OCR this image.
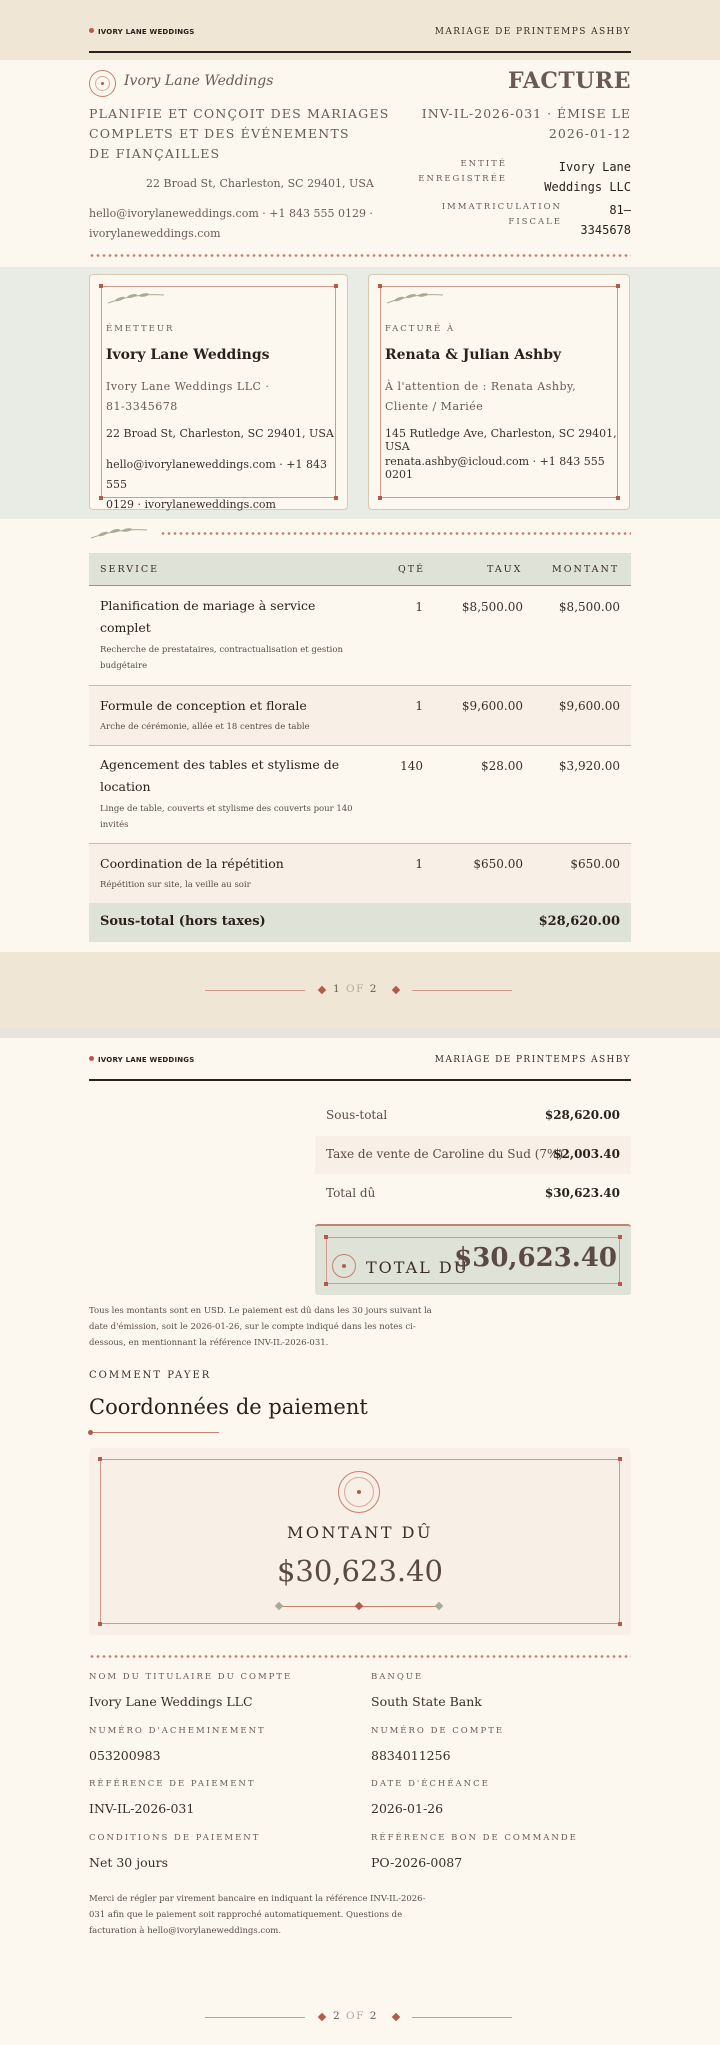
IVORY LANE WEDDINGS	MARIAGE DE PRINTEMPS ASHBY
Ivory Lane Weddings
PLANIFIE ET CONÇOIT DES MARIAGES
COMPLETS ET DES ÉVÉNEMENTS
DE FIANÇAILLES
22 Broad St, Charleston, SC 29401, USA
hello@ivorylaneweddings.com · +1 843 555 0129 ·
ivorylaneweddings.com
FACTURE
INV-IL-2026-031 · ÉMISE LE
2026-01-12
ENTITÉ
ENREGISTRÉE
Ivory Lane
Weddings LLC
IMMATRICULATION
FISCALE
81–
3345678
ÉMETTEUR
Ivory Lane Weddings
Ivory Lane Weddings LLC ·
81-3345678
22 Broad St, Charleston, SC 29401, USA
hello@ivorylaneweddings.com · +1 843 555
0129 · ivorylaneweddings.com
FACTURÉ À
Renata & Julian Ashby
À l'attention de : Renata Ashby,
Cliente / Mariée
145 Rutledge Ave, Charleston, SC 29401, USA
renata.ashby@icloud.com · +1 843 555 0201
SERVICE	QTÉ	TAUX	MONTANT
Planification de mariage à service
complet
Recherche de prestataires, contractualisation et gestion
budgétaire
1	$8,500.00	$8,500.00
Formule de conception et florale
Arche de cérémonie, allée et 18 centres de table
1	$9,600.00	$9,600.00
Agencement des tables et stylisme de
location
Linge de table, couverts et stylisme des couverts pour 140
invités
140	$28.00	$3,920.00
Coordination de la répétition
Répétition sur site, la veille au soir
1	$650.00	$650.00
Sous-total (hors taxes)	$28,620.00
1 OF 2
IVORY LANE WEDDINGS	MARIAGE DE PRINTEMPS ASHBY
Sous-total	$28,620.00
Taxe de vente de Caroline du Sud (7%)
$2,003.40
Total dû	$30,623.40
TOTAL DÛ
$30,623.40
Tous les montants sont en USD. Le paiement est dû dans les 30 jours suivant la
date d'émission, soit le 2026-01-26, sur le compte indiqué dans les notes ci-
dessous, en mentionnant la référence INV-IL-2026-031.
COMMENT PAYER
Coordonnées de paiement
MONTANT DÛ
$30,623.40
NOM DU TITULAIRE DU COMPTE
Ivory Lane Weddings LLC
BANQUE
South State Bank
NUMÉRO D'ACHEMINEMENT
053200983
NUMÉRO DE COMPTE
8834011256
RÉFÉRENCE DE PAIEMENT
INV-IL-2026-031
DATE D'ÉCHÉANCE
2026-01-26
CONDITIONS DE PAIEMENT
Net 30 jours
RÉFÉRENCE BON DE COMMANDE
PO-2026-0087
Merci de régler par virement bancaire en indiquant la référence INV-IL-2026-
031 afin que le paiement soit rapproché automatiquement. Questions de
facturation à hello@ivorylaneweddings.com.
2 OF 2
